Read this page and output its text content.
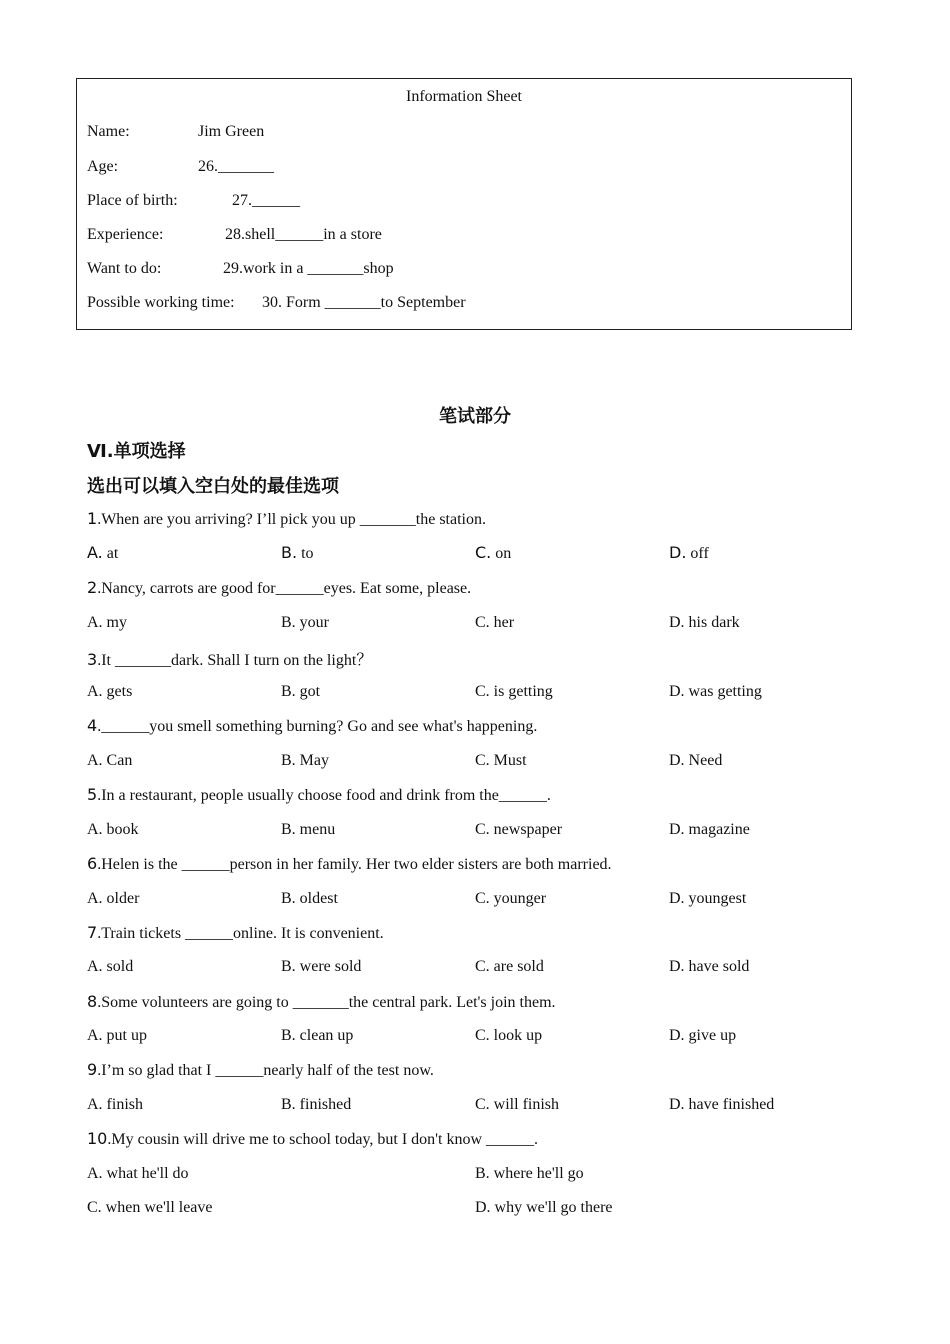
Information Sheet
Name:	Jim Green
Age:	26._______
Place of birth:	27.______
Experience:	28.shell______in a store
Want to do:	29.work in a _______shop
Possible working time: 30. Form _______to September
笔试部分
Ⅵ.单项选择
选出可以填入空白处的最佳选项
1.When are you arriving? I’ll pick you up _______the station.
A. at	B. to	C. on	D. off
2.Nancy, carrots are good for______eyes. Eat some, please.
A. my	B. your	C. her	D. his dark
3.It _______dark. Shall I turn on the light？
A. gets	B. got	C. is getting	D. was getting
4.______you smell something burning? Go and see what's happening.
A. Can	B. May	C. Must	D. Need
5.In a restaurant, people usually choose food and drink from the______.
A. book	B. menu	C. newspaper	D. magazine
6.Helen is the ______person in her family. Her two elder sisters are both married.
A. older	B. oldest	C. younger	D. youngest
7.Train tickets ______online. It is convenient.
A. sold	B. were sold	C. are sold	D. have sold
8.Some volunteers are going to _______the central park. Let's join them.
A. put up	B. clean up	C. look up	D. give up
9.I’m so glad that I ______nearly half of the test now.
A. finish	B. finished	C. will finish	D. have finished
10.My cousin will drive me to school today, but I don't know ______.
A. what he'll do	B. where he'll go
C. when we'll leave	D. why we'll go there
